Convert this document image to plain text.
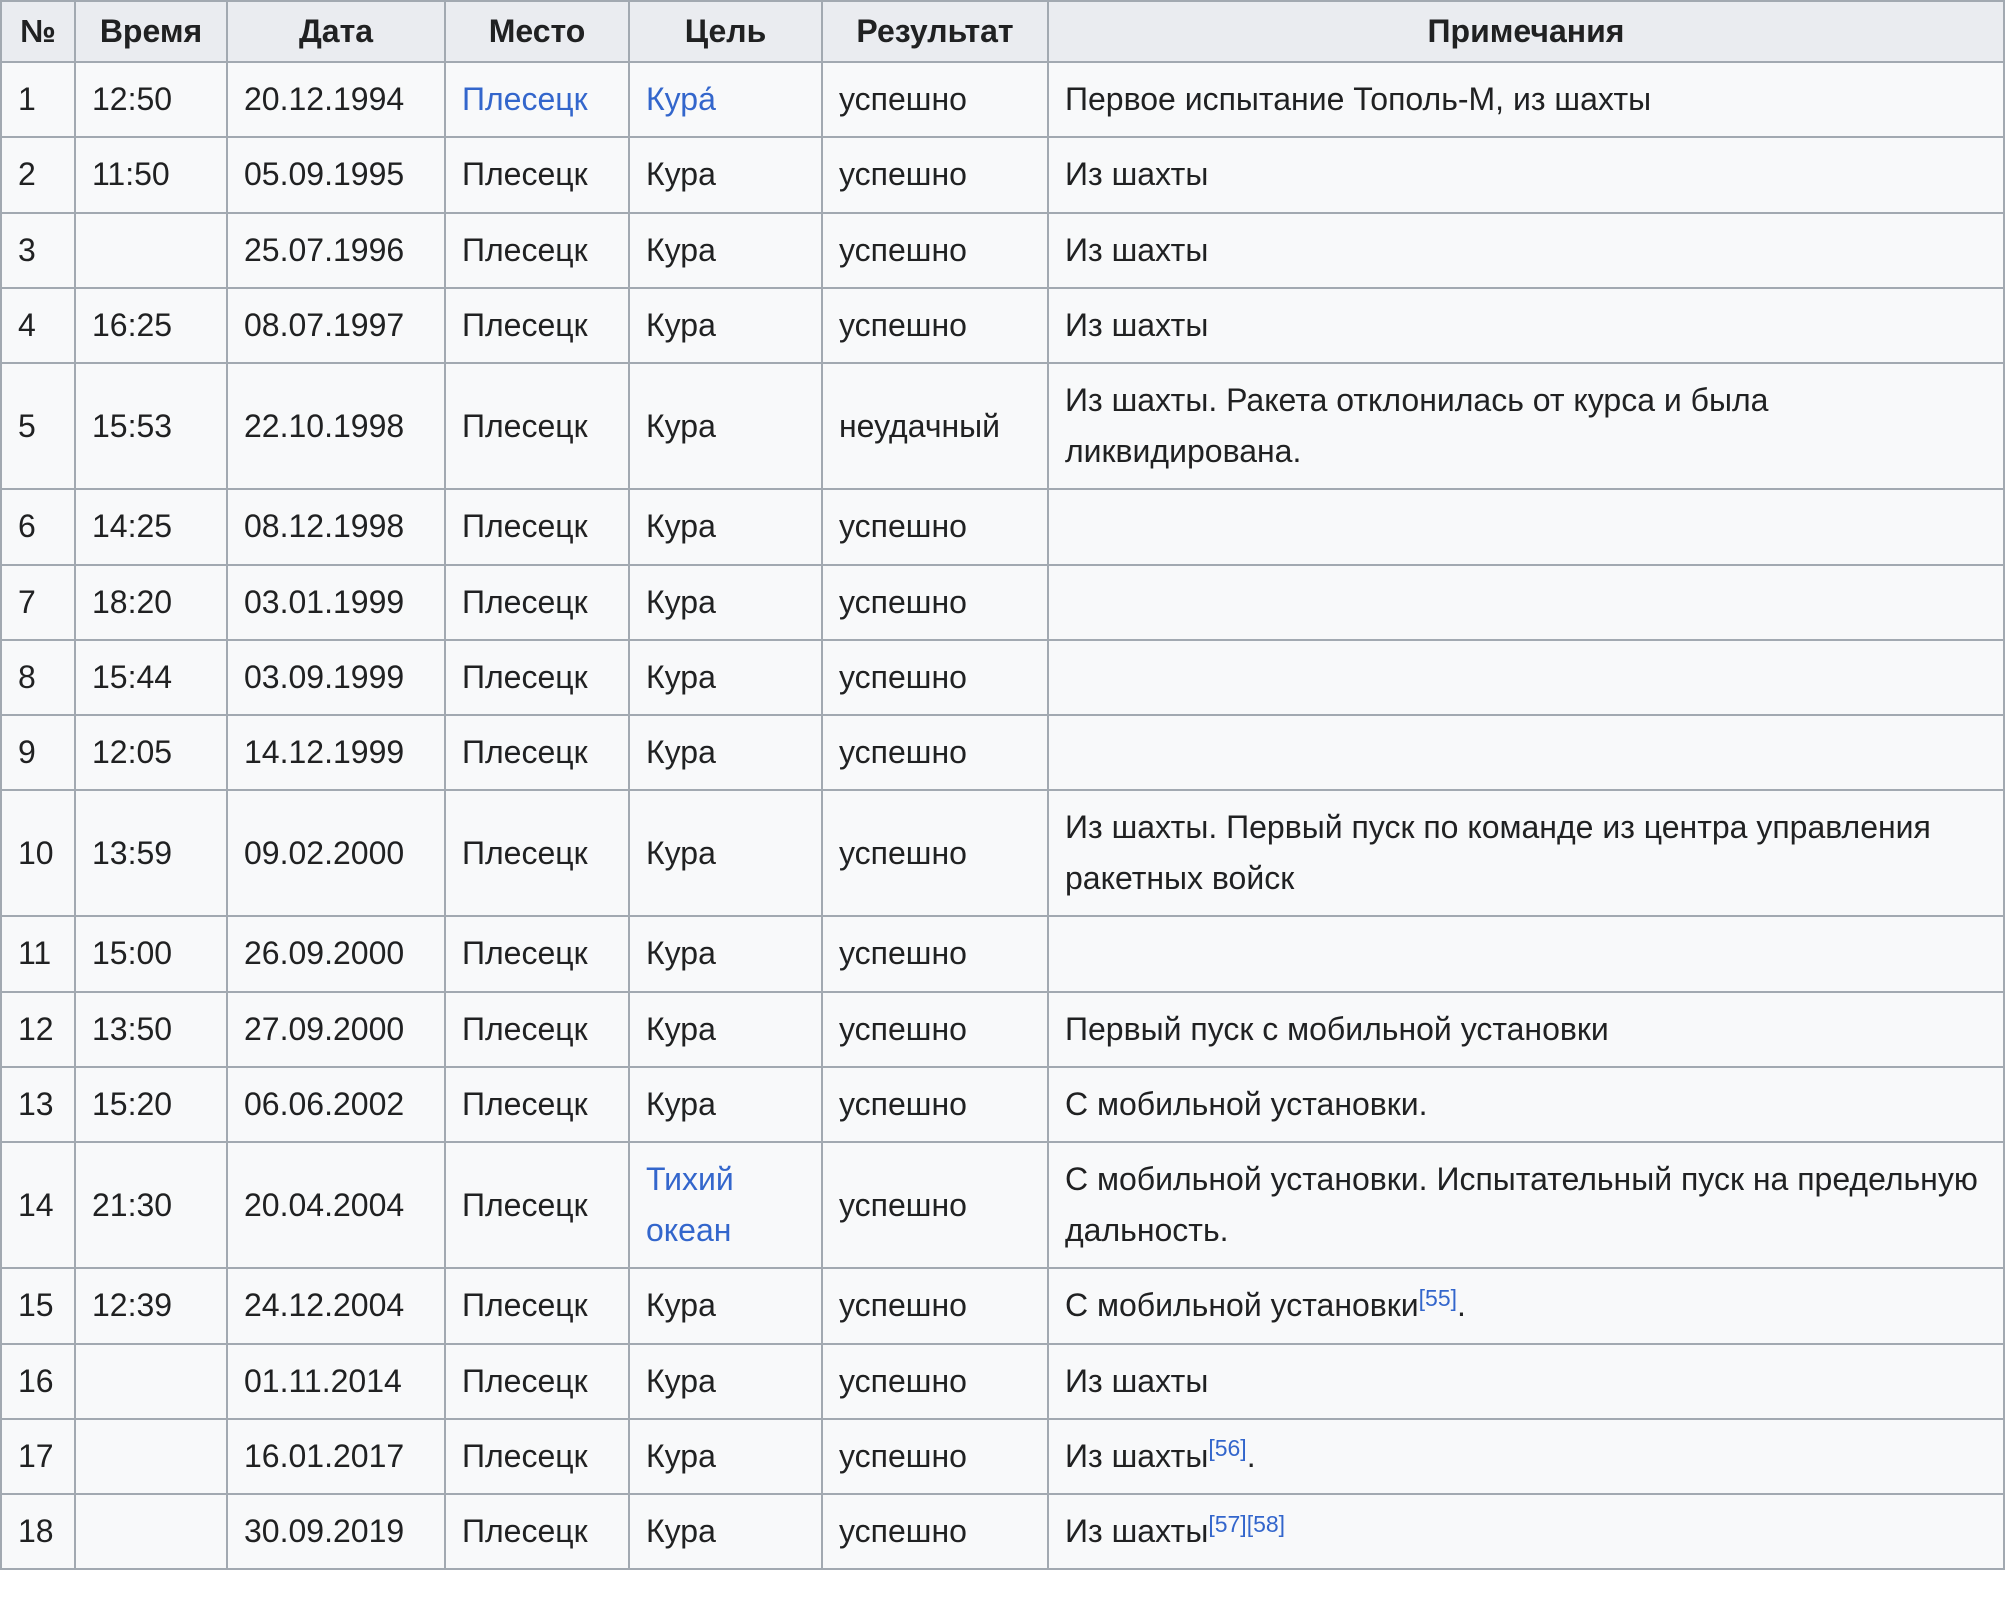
№	Время	Дата	Место	Цель	Результат	Примечания
1	12:50	20.12.1994	Плесецк	Кура́	успешно	Первое испытание Тополь-М, из шахты
2	11:50	05.09.1995	Плесецк	Кура	успешно	Из шахты
3		25.07.1996	Плесецк	Кура	успешно	Из шахты
4	16:25	08.07.1997	Плесецк	Кура	успешно	Из шахты
5	15:53	22.10.1998	Плесецк	Кура	неудачный	Из шахты. Ракета отклонилась от курса и была ликвидирована.
6	14:25	08.12.1998	Плесецк	Кура	успешно	
7	18:20	03.01.1999	Плесецк	Кура	успешно	
8	15:44	03.09.1999	Плесецк	Кура	успешно	
9	12:05	14.12.1999	Плесецк	Кура	успешно	
10	13:59	09.02.2000	Плесецк	Кура	успешно	Из шахты. Первый пуск по команде из центра управления ракетных войск
11	15:00	26.09.2000	Плесецк	Кура	успешно	
12	13:50	27.09.2000	Плесецк	Кура	успешно	Первый пуск с мобильной установки
13	15:20	06.06.2002	Плесецк	Кура	успешно	С мобильной установки.
14	21:30	20.04.2004	Плесецк	Тихий океан	успешно	С мобильной установки. Испытательный пуск на предельную дальность.
15	12:39	24.12.2004	Плесецк	Кура	успешно	С мобильной установки[55].
16		01.11.2014	Плесецк	Кура	успешно	Из шахты
17		16.01.2017	Плесецк	Кура	успешно	Из шахты[56].
18		30.09.2019	Плесецк	Кура	успешно	Из шахты[57][58]
